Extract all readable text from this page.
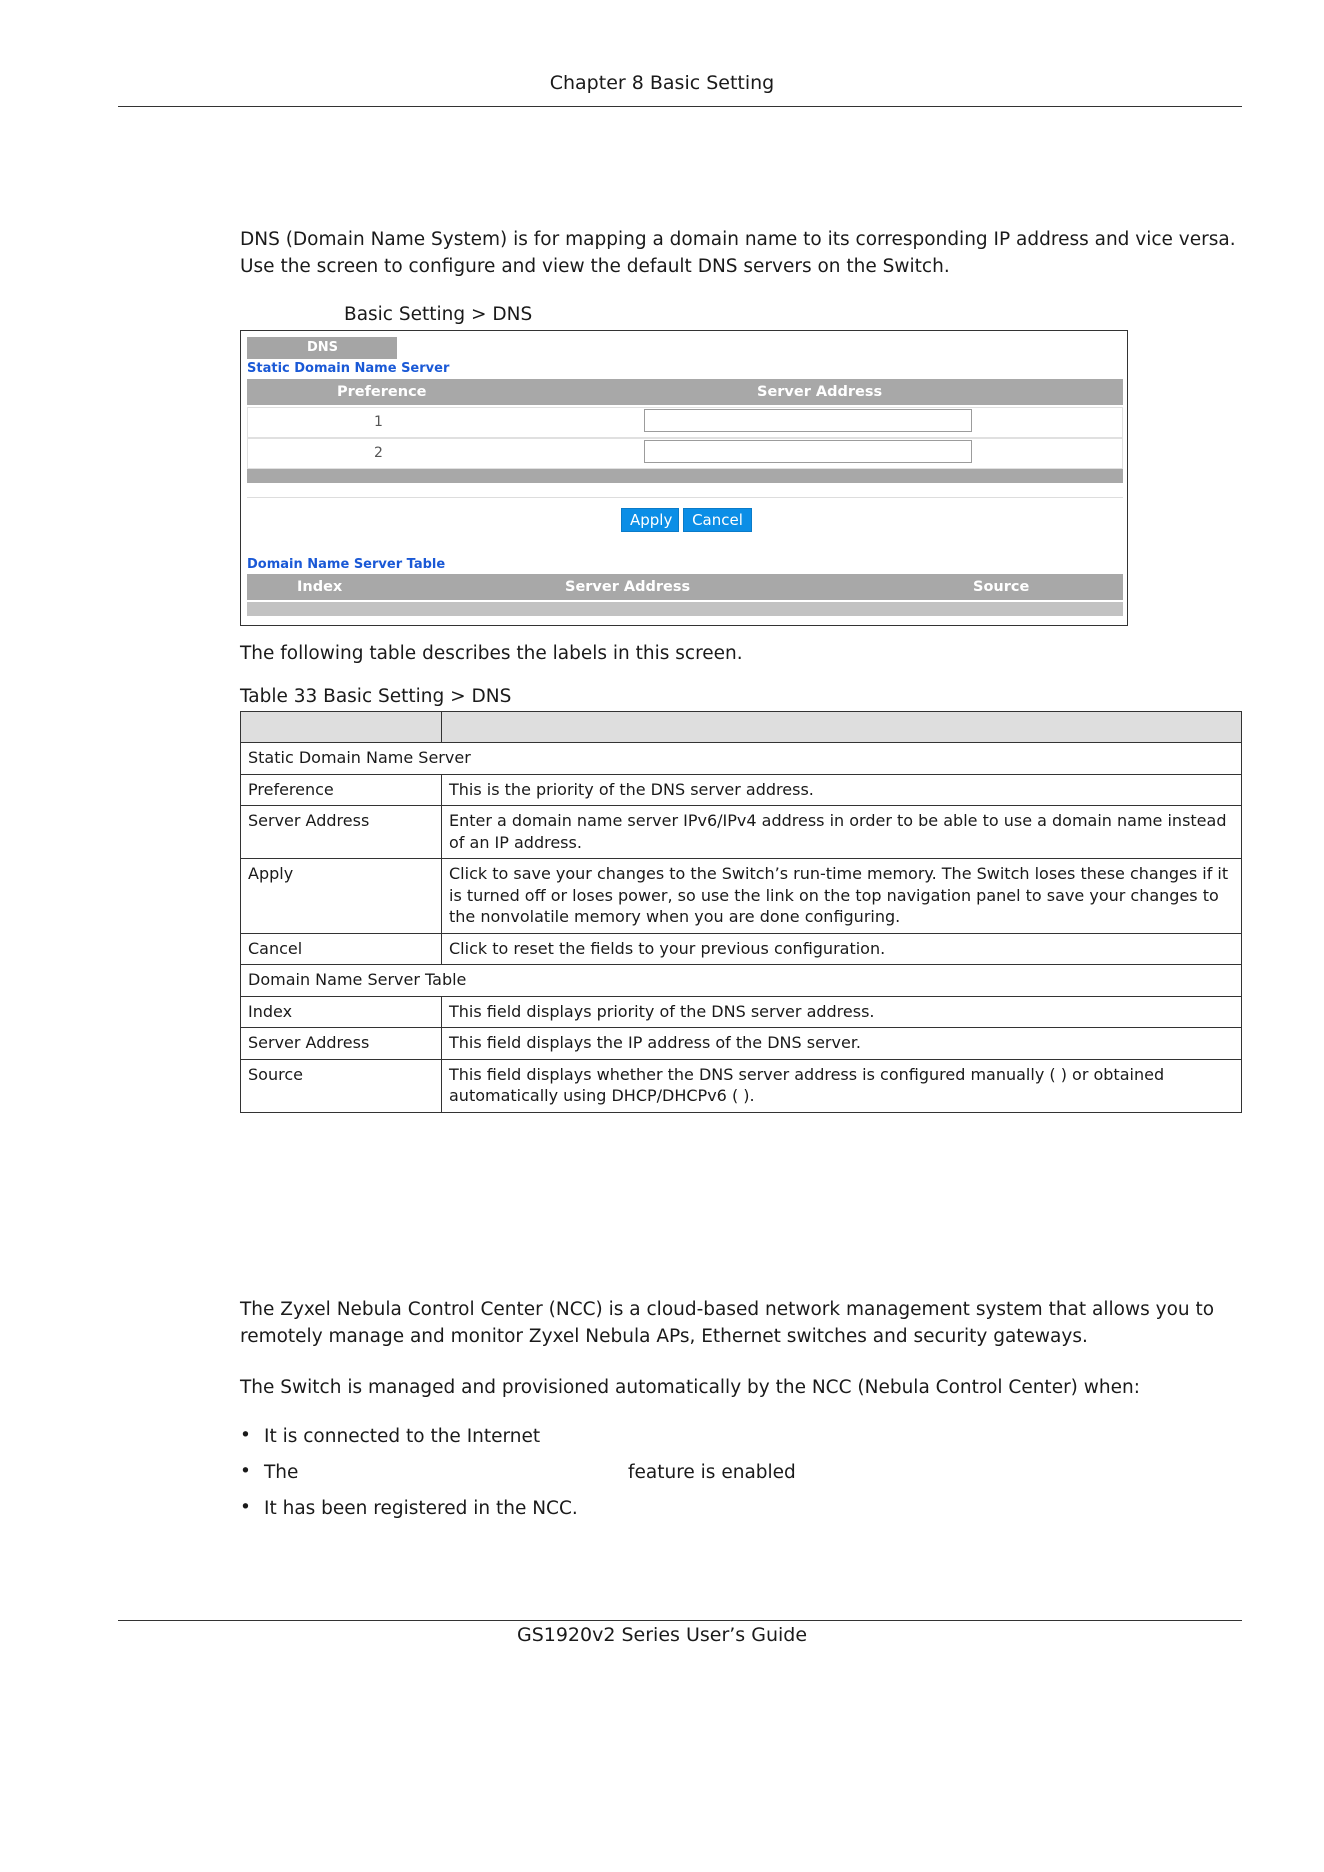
Chapter 8 Basic Setting
DNS (Domain Name System) is for mapping a domain name to its corresponding IP address and vice versa. Use the screen to configure and view the default DNS servers on the Switch.
Basic Setting > DNS
DNS
Static Domain Name Server
Preference	Server Address
1
2
Apply	Cancel
Domain Name Server Table
Index	Server Address	Source
The following table describes the labels in this screen.
Table 33 Basic Setting > DNS

Static Domain Name Server	
Preference	This is the priority of the DNS server address.
Server Address	Enter a domain name server IPv6/IPv4 address in order to be able to use a domain name instead of an IP address.
Apply	Click to save your changes to the Switch’s run-time memory. The Switch loses these changes if it is turned off or loses power, so use the link on the top navigation panel to save your changes to the nonvolatile memory when you are done configuring.
Cancel	Click to reset the fields to your previous configuration.
Domain Name Server Table	
Index	This field displays priority of the DNS server address.
Server Address	This field displays the IP address of the DNS server.
Source	This field displays whether the DNS server address is configured manually ( ) or obtained automatically using DHCP/DHCPv6 ( ).
The Zyxel Nebula Control Center (NCC) is a cloud-based network management system that allows you to remotely manage and monitor Zyxel Nebula APs, Ethernet switches and security gateways.
The Switch is managed and provisioned automatically by the NCC (Nebula Control Center) when:
• It is connected to the Internet
• The	feature is enabled
• It has been registered in the NCC.
GS1920v2 Series User’s Guide
